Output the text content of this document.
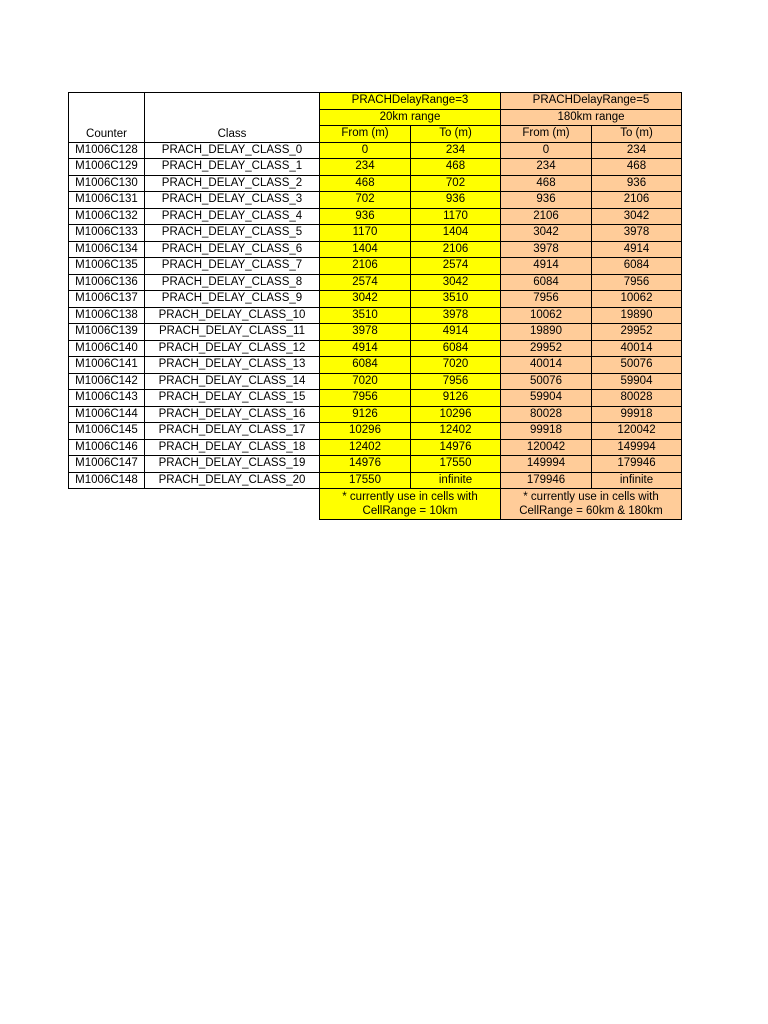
Counter	Class	PRACHDelayRange=3		PRACHDelayRange=5	
		20km range		180km range	
		From (m)	To (m)	From (m)	To (m)
M1006C128	PRACH_DELAY_CLASS_0	0	234	0	234
M1006C129	PRACH_DELAY_CLASS_1	234	468	234	468
M1006C130	PRACH_DELAY_CLASS_2	468	702	468	936
M1006C131	PRACH_DELAY_CLASS_3	702	936	936	2106
M1006C132	PRACH_DELAY_CLASS_4	936	1170	2106	3042
M1006C133	PRACH_DELAY_CLASS_5	1170	1404	3042	3978
M1006C134	PRACH_DELAY_CLASS_6	1404	2106	3978	4914
M1006C135	PRACH_DELAY_CLASS_7	2106	2574	4914	6084
M1006C136	PRACH_DELAY_CLASS_8	2574	3042	6084	7956
M1006C137	PRACH_DELAY_CLASS_9	3042	3510	7956	10062
M1006C138	PRACH_DELAY_CLASS_10	3510	3978	10062	19890
M1006C139	PRACH_DELAY_CLASS_11	3978	4914	19890	29952
M1006C140	PRACH_DELAY_CLASS_12	4914	6084	29952	40014
M1006C141	PRACH_DELAY_CLASS_13	6084	7020	40014	50076
M1006C142	PRACH_DELAY_CLASS_14	7020	7956	50076	59904
M1006C143	PRACH_DELAY_CLASS_15	7956	9126	59904	80028
M1006C144	PRACH_DELAY_CLASS_16	9126	10296	80028	99918
M1006C145	PRACH_DELAY_CLASS_17	10296	12402	99918	120042
M1006C146	PRACH_DELAY_CLASS_18	12402	14976	120042	149994
M1006C147	PRACH_DELAY_CLASS_19	14976	17550	149994	179946
M1006C148	PRACH_DELAY_CLASS_20	17550	infinite	179946	infinite
		* currently use in cells with CellRange = 10km		* currently use in cells with CellRange = 60km & 180km	
